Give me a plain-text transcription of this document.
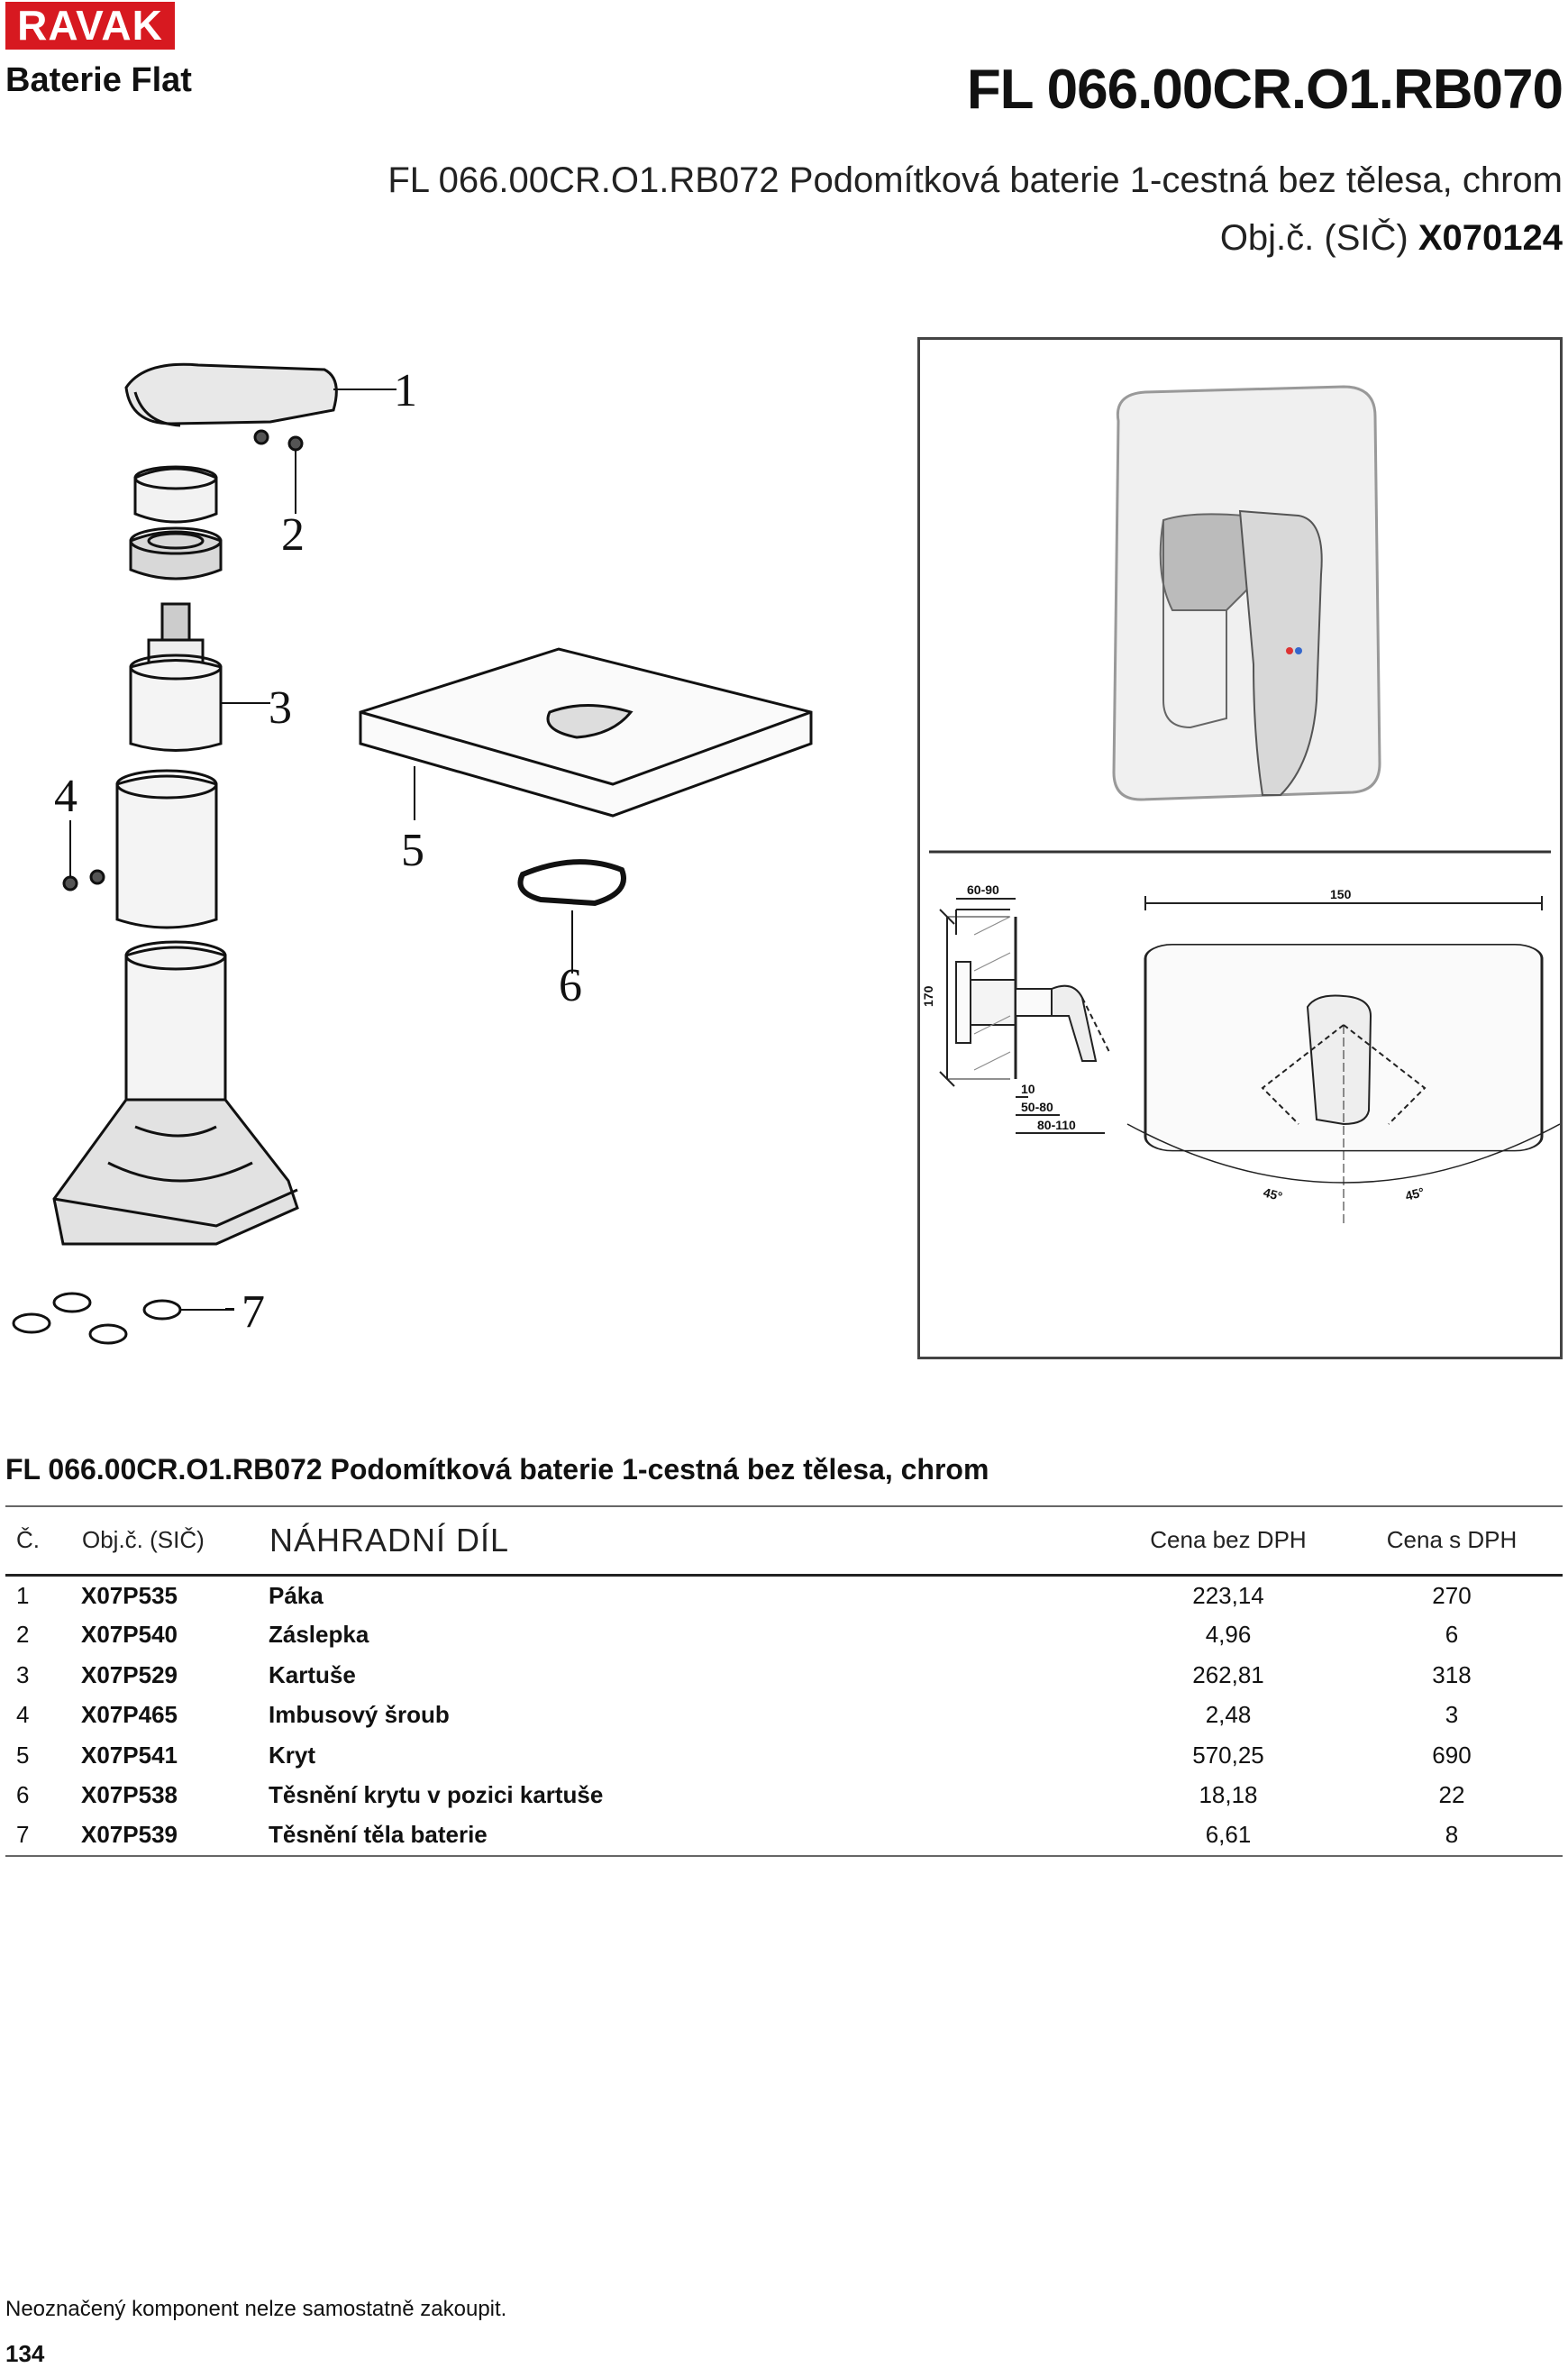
RAVAK
Baterie Flat	FL 066.00CR.O1.RB070
FL 066.00CR.O1.RB072 Podomítková baterie 1-cestná bez tělesa, chrom
Obj.č. (SIČ) X070124
1
2
3
4
5
6
7
60-90
170
10
50-80
80-110
150
45°	45°
FL 066.00CR.O1.RB072 Podomítková baterie 1-cestná bez tělesa, chrom
Č.	Obj.č. (SIČ)	NÁHRADNÍ DÍL	Cena bez DPH	Cena s DPH
1	X07P535	Páka	223,14	270
2	X07P540	Záslepka	4,96	6
3	X07P529	Kartuše	262,81	318
4	X07P465	Imbusový šroub	2,48	3
5	X07P541	Kryt	570,25	690
6	X07P538	Těsnění krytu v pozici kartuše	18,18	22
7	X07P539	Těsnění těla baterie	6,61	8
Neoznačený komponent nelze samostatně zakoupit.
134
